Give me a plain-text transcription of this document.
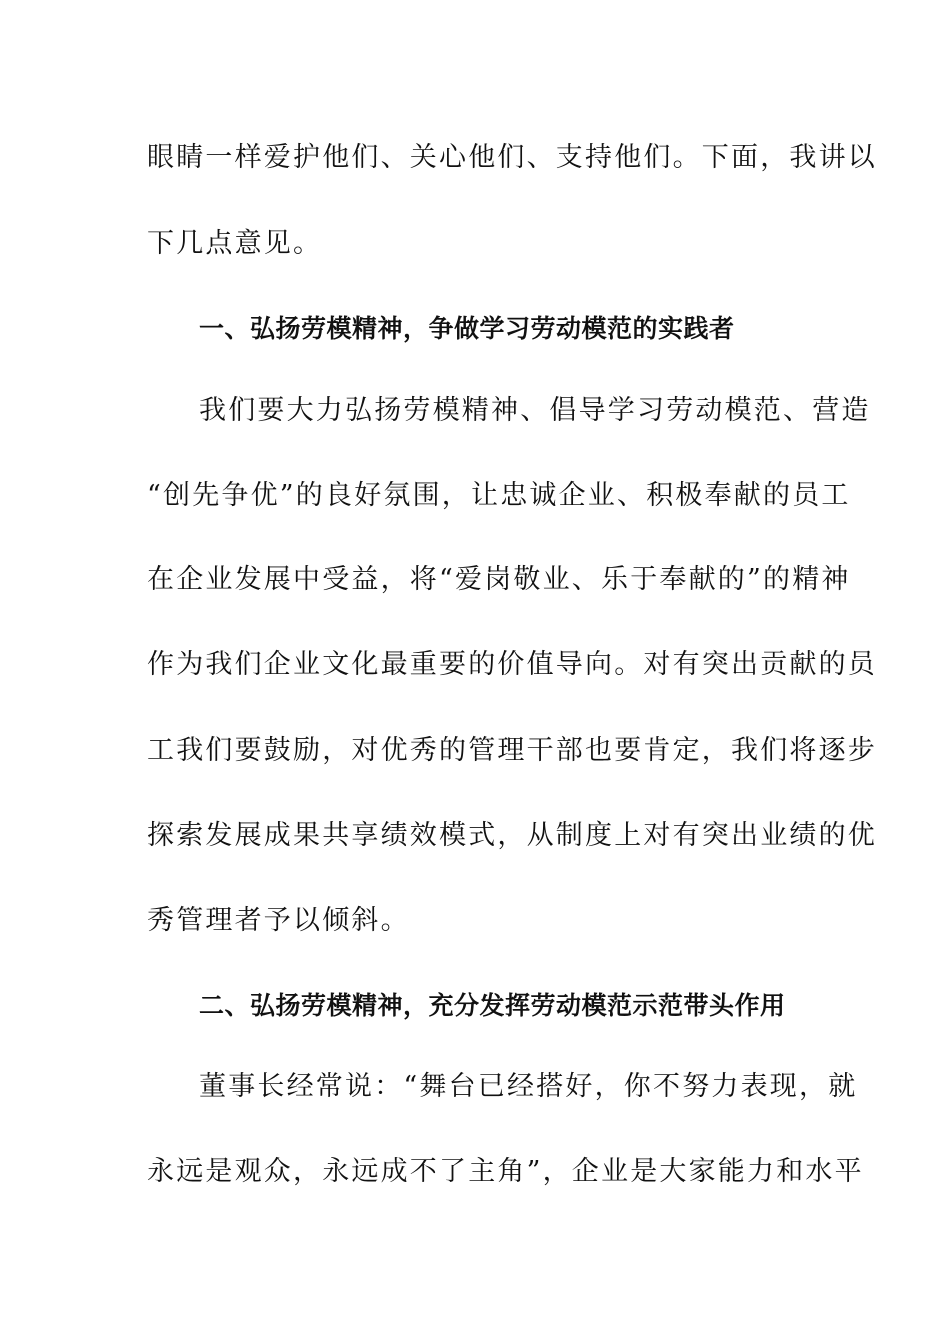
眼睛一样爱护他们、关心他们、支持他们。下面，我讲以
下几点意见。
一、弘扬劳模精神，争做学习劳动模范的实践者
我们要大力弘扬劳模精神、倡导学习劳动模范、营造
“创先争优”的良好氛围，让忠诚企业、积极奉献的员工
在企业发展中受益，将“爱岗敬业、乐于奉献的”的精神
作为我们企业文化最重要的价值导向。对有突出贡献的员
工我们要鼓励，对优秀的管理干部也要肯定，我们将逐步
探索发展成果共享绩效模式，从制度上对有突出业绩的优
秀管理者予以倾斜。
二、弘扬劳模精神，充分发挥劳动模范示范带头作用
董事长经常说：“舞台已经搭好，你不努力表现，就
永远是观众，永远成不了主角”，企业是大家能力和水平
